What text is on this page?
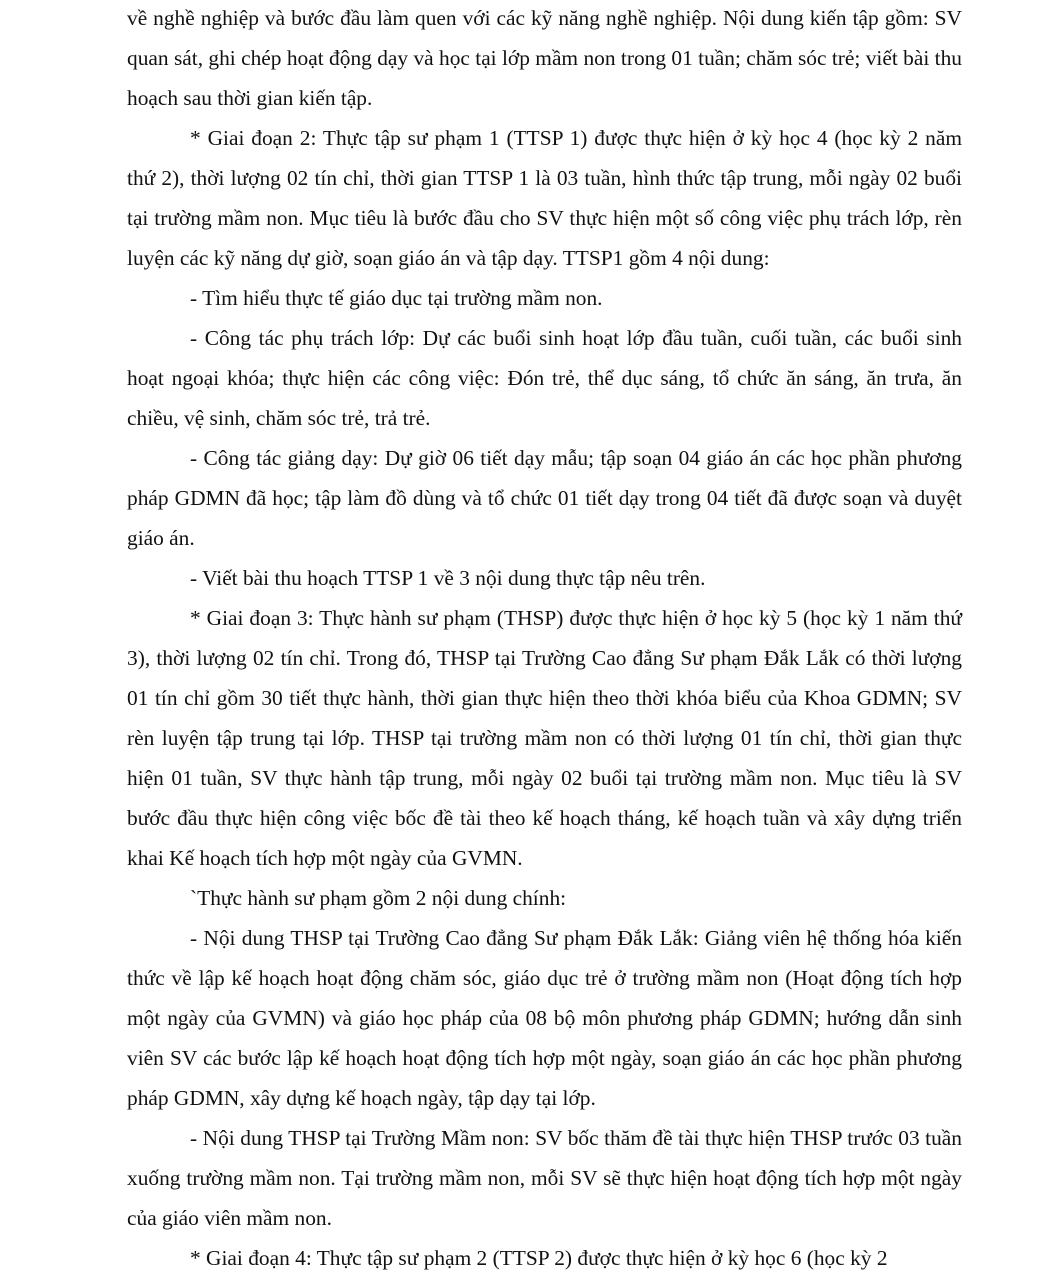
về nghề nghiệp và bước đầu làm quen với các kỹ năng nghề nghiệp. Nội dung kiến tập gồm: SV quan sát, ghi chép hoạt động dạy và học tại lớp mầm non trong 01 tuần; chăm sóc trẻ; viết bài thu hoạch sau thời gian kiến tập.

* Giai đoạn 2: Thực tập sư phạm 1 (TTSP 1) được thực hiện ở kỳ học 4 (học kỳ 2 năm thứ 2), thời lượng 02 tín chỉ, thời gian TTSP 1 là 03 tuần, hình thức tập trung, mỗi ngày 02 buổi tại trường mầm non. Mục tiêu là bước đầu cho SV thực hiện một số công việc phụ trách lớp, rèn luyện các kỹ năng dự giờ, soạn giáo án và tập dạy. TTSP1 gồm 4 nội dung:

- Tìm hiểu thực tế giáo dục tại trường mầm non.

- Công tác phụ trách lớp: Dự các buổi sinh hoạt lớp đầu tuần, cuối tuần, các buổi sinh hoạt ngoại khóa; thực hiện các công việc: Đón trẻ, thể dục sáng, tổ chức ăn sáng, ăn trưa, ăn chiều, vệ sinh, chăm sóc trẻ, trả trẻ.

- Công tác giảng dạy: Dự giờ 06 tiết dạy mẫu; tập soạn 04 giáo án các học phần phương pháp GDMN đã học; tập làm đồ dùng và tổ chức 01 tiết dạy trong 04 tiết đã được soạn và duyệt giáo án.

- Viết bài thu hoạch TTSP 1 về 3 nội dung thực tập nêu trên.

* Giai đoạn 3: Thực hành sư phạm (THSP) được thực hiện ở học kỳ 5 (học kỳ 1 năm thứ 3), thời lượng 02 tín chỉ. Trong đó, THSP tại Trường Cao đẳng Sư phạm Đắk Lắk có thời lượng 01 tín chỉ gồm 30 tiết thực hành, thời gian thực hiện theo thời khóa biểu của Khoa GDMN; SV rèn luyện tập trung tại lớp. THSP tại trường mầm non có thời lượng 01 tín chỉ, thời gian thực hiện 01 tuần, SV thực hành tập trung, mỗi ngày 02 buổi tại trường mầm non. Mục tiêu là SV bước đầu thực hiện công việc bốc đề tài theo kế hoạch tháng, kế hoạch tuần và xây dựng triển khai Kế hoạch tích hợp một ngày của GVMN.

`Thực hành sư phạm gồm 2 nội dung chính:

- Nội dung THSP tại Trường Cao đẳng Sư phạm Đắk Lắk: Giảng viên hệ thống hóa kiến thức về lập kế hoạch hoạt động chăm sóc, giáo dục trẻ ở trường mầm non (Hoạt động tích hợp một ngày của GVMN) và giáo học pháp của 08 bộ môn phương pháp GDMN; hướng dẫn sinh viên SV các bước lập kế hoạch hoạt động tích hợp một ngày, soạn giáo án các học phần phương pháp GDMN, xây dựng kế hoạch ngày, tập dạy tại lớp.

- Nội dung THSP tại Trường Mầm non: SV bốc thăm đề tài thực hiện THSP trước 03 tuần xuống trường mầm non. Tại trường mầm non, mỗi SV sẽ thực hiện hoạt động tích hợp một ngày của giáo viên mầm non.

* Giai đoạn 4: Thực tập sư phạm 2 (TTSP 2) được thực hiện ở kỳ học 6 (học kỳ 2
